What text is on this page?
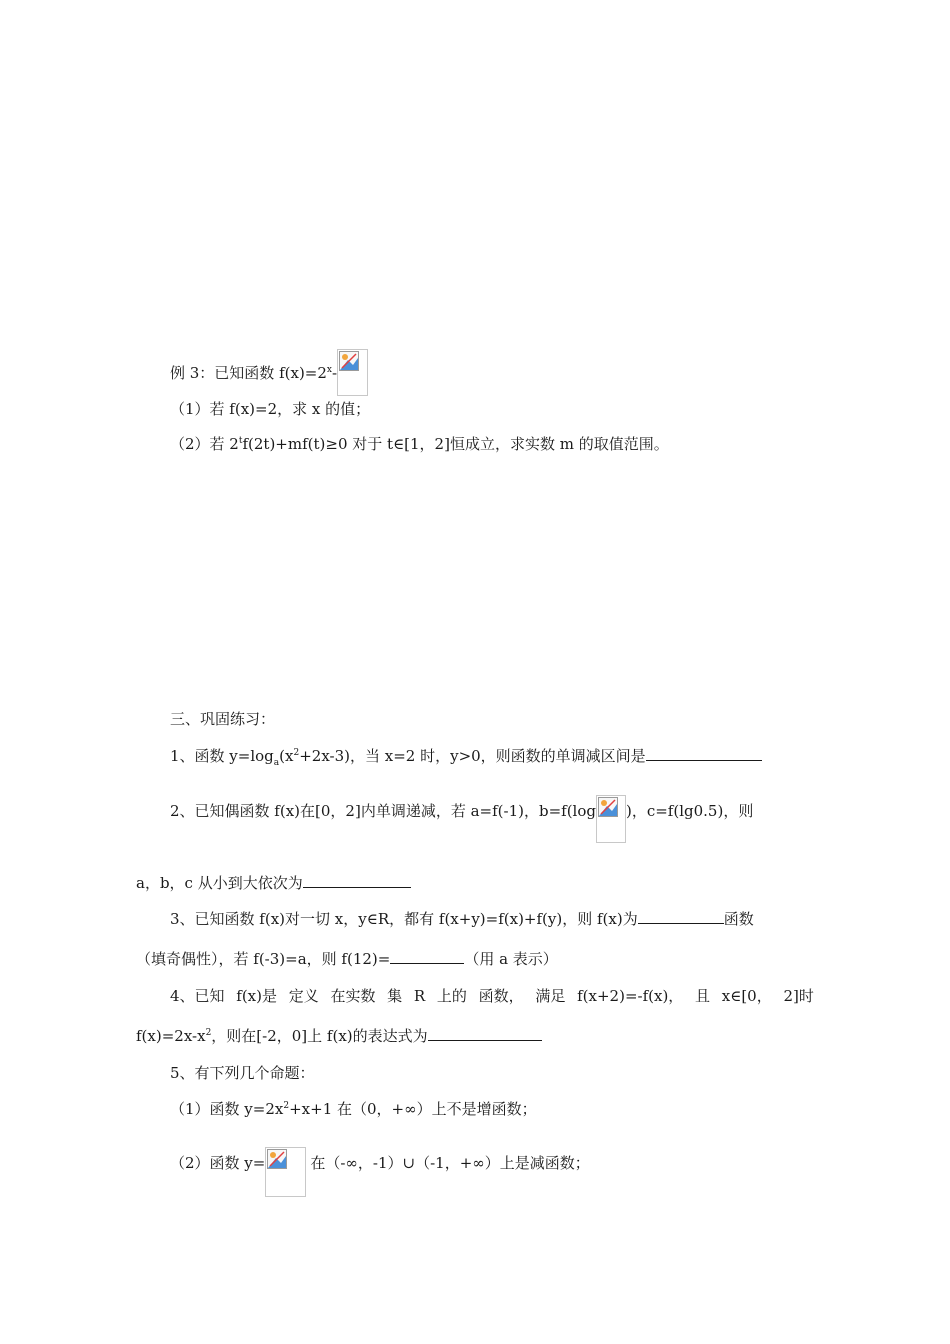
例 3：已知函数 $f(x)=2^x-$
（1）若 f(x)=2，求 x 的值；
（2）若 $2^tf(2t)+mf(t)\ge 0$ 对于 t∈[1，2]恒成立，求实数 m 的取值范围。
三、巩固练习：
1、函数 $y=\log_a(x^2+2x-3)$，当 x=2 时，y>0，则函数的单调减区间是
2、已知偶函数 f(x)在[0，2]内单调递减，若 a=f(-1)，b=f(log )，c=f(lg0.5)，则
a，b，c 从小到大依次为
3、已知函数 f(x)对一切 x，y∈R，都有 f(x+y)=f(x)+f(y)，则 f(x)为	函数
（填奇偶性），若 f(-3)=a，则 f(12)=	（用 a 表示）
4、已知 f(x)是 定义 在实数 集 R 上的 函数， 满足 f(x+2)=-f(x)， 且 x∈[0， 2]时
$f(x)=2x-x^2$，则在[-2，0]上 f(x)的表达式为
5、有下列几个命题：
（1）函数 $y=2x^2+x+1$ 在（0，+∞）上不是增函数；
（2）函数 y=	在（-∞，-1）∪（-1，+∞）上是减函数；
